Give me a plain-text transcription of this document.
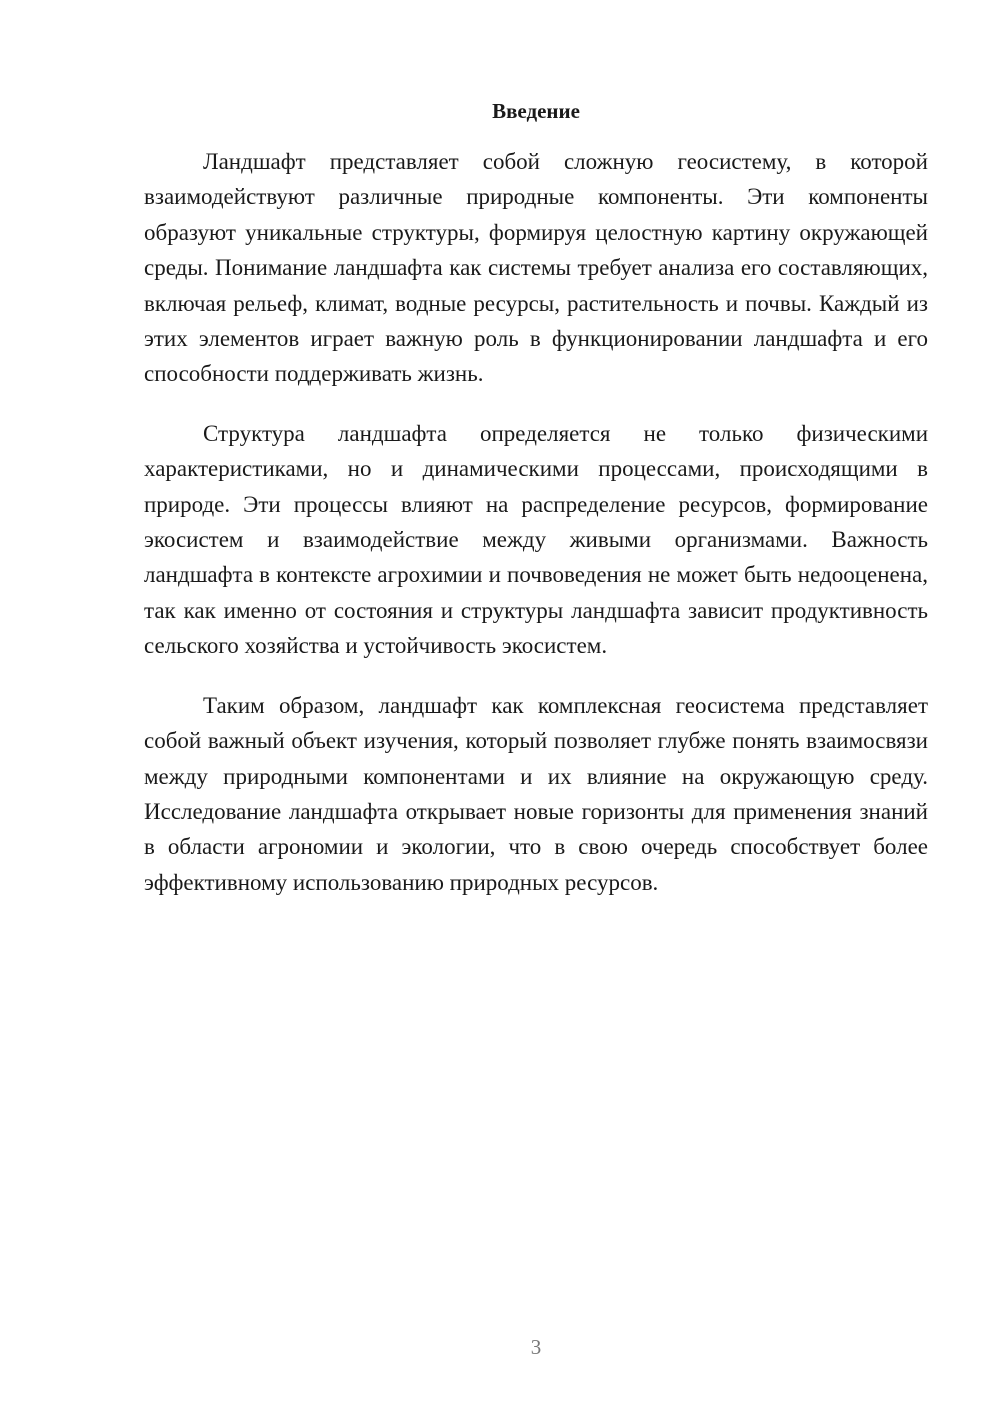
Введение

Ландшафт представляет собой сложную геосистему, в которой взаимодействуют различные природные компоненты. Эти компоненты образуют уникальные структуры, формируя целостную картину окружающей среды. Понимание ландшафта как системы требует анализа его составляющих, включая рельеф, климат, водные ресурсы, растительность и почвы. Каждый из этих элементов играет важную роль в функционировании ландшафта и его способности поддерживать жизнь.

Структура ландшафта определяется не только физическими характеристиками, но и динамическими процессами, происходящими в природе. Эти процессы влияют на распределение ресурсов, формирование экосистем и взаимодействие между живыми организмами. Важность ландшафта в контексте агрохимии и почвоведения не может быть недооценена, так как именно от состояния и структуры ландшафта зависит продуктивность сельского хозяйства и устойчивость экосистем.

Таким образом, ландшафт как комплексная геосистема представляет собой важный объект изучения, который позволяет глубже понять взаимосвязи между природными компонентами и их влияние на окружающую среду. Исследование ландшафта открывает новые горизонты для применения знаний в области агрономии и экологии, что в свою очередь способствует более эффективному использованию природных ресурсов.

3
